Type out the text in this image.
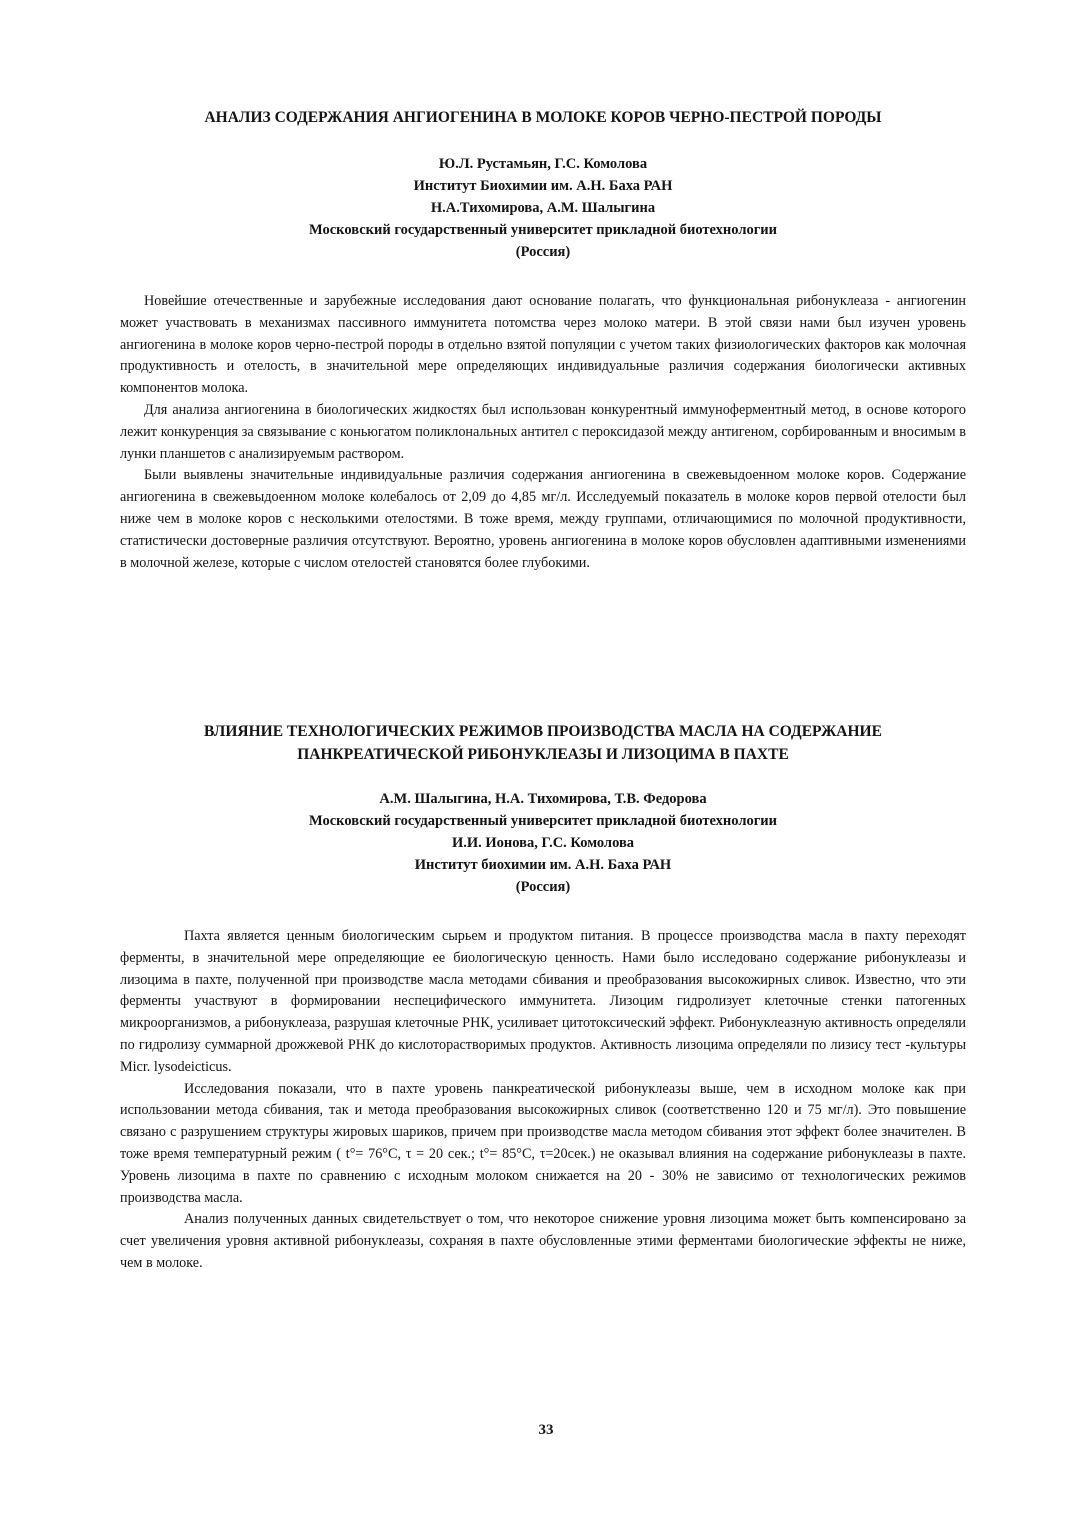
АНАЛИЗ СОДЕРЖАНИЯ АНГИОГЕНИНА В МОЛОКЕ КОРОВ ЧЕРНО-ПЕСТРОЙ ПОРОДЫ
Ю.Л. Рустамьян, Г.С. Комолова
Институт Биохимии им. А.Н. Баха РАН
Н.А.Тихомирова, А.М. Шалыгина
Московский государственный университет прикладной биотехнологии
(Россия)

Новейшие отечественные и зарубежные исследования дают основание полагать, что функциональная рибонуклеаза - ангиогенин может участвовать в механизмах пассивного иммунитета потомства через молоко матери. В этой связи нами был изучен уровень ангиогенина в молоке коров черно-пестрой породы в отдельно взятой популяции с учетом таких физиологических факторов как молочная продуктивность и отелость, в значительной мере определяющих индивидуальные различия содержания биологически активных компонентов молока.

Для анализа ангиогенина в биологических жидкостях был использован конкурентный иммуноферментный метод, в основе которого лежит конкуренция за связывание с коньюгатом поликлональных антител с пероксидазой между антигеном, сорбированным и вносимым в лунки планшетов с анализируемым раствором.

Были выявлены значительные индивидуальные различия содержания ангиогенина в свежевыдоенном молоке коров. Содержание ангиогенина в свежевыдоенном молоке колебалось от 2,09 до 4,85 мг/л. Исследуемый показатель в молоке коров первой отелости был ниже чем в молоке коров с несколькими отелостями. В тоже время, между группами, отличающимися по молочной продуктивности, статистически достоверные различия отсутствуют. Вероятно, уровень ангиогенина в молоке коров обусловлен адаптивными изменениями в молочной железе, которые с числом отелостей становятся более глубокими.

ВЛИЯНИЕ ТЕХНОЛОГИЧЕСКИХ РЕЖИМОВ ПРОИЗВОДСТВА МАСЛА НА СОДЕРЖАНИЕ
ПАНКРЕАТИЧЕСКОЙ РИБОНУКЛЕАЗЫ И ЛИЗОЦИМА В ПАХТЕ
А.М. Шалыгина, Н.А. Тихомирова, Т.В. Федорова
Московский государственный университет прикладной биотехнологии
И.И. Ионова, Г.С. Комолова
Институт биохимии им. А.Н. Баха РАН
(Россия)

Пахта является ценным биологическим сырьем и продуктом питания. В процессе производства масла в пахту переходят ферменты, в значительной мере определяющие ее биологическую ценность. Нами было исследовано содержание рибонуклеазы и лизоцима в пахте, полученной при производстве масла методами сбивания и преобразования высокожирных сливок. Известно, что эти ферменты участвуют в формировании неспецифического иммунитета. Лизоцим гидролизует клеточные стенки патогенных микроорганизмов, а рибонуклеаза, разрушая клеточные РНК, усиливает цитотоксический эффект. Рибонуклеазную активность определяли по гидролизу суммарной дрожжевой РНК до кислоторастворимых продуктов. Активность лизоцима определяли по лизису тест -культуры Micr. lysodeicticus.

Исследования показали, что в пахте уровень панкреатической рибонуклеазы выше, чем в исходном молоке как при использовании метода сбивания, так и метода преобразования высокожирных сливок (соответственно 120 и 75 мг/л). Это повышение связано с разрушением структуры жировых шариков, причем при производстве масла методом сбивания этот эффект более значителен. В тоже время температурный режим ( t°= 76°С, τ = 20 сек.; t°= 85°С, τ=20сек.) не оказывал влияния на содержание рибонуклеазы в пахте. Уровень лизоцима в пахте по сравнению с исходным молоком снижается на 20 - 30% не зависимо от технологических режимов производства масла.

Анализ полученных данных свидетельствует о том, что некоторое снижение уровня лизоцима может быть компенсировано за счет увеличения уровня активной рибонуклеазы, сохраняя в пахте обусловленные этими ферментами биологические эффекты не ниже, чем в молоке.

33
